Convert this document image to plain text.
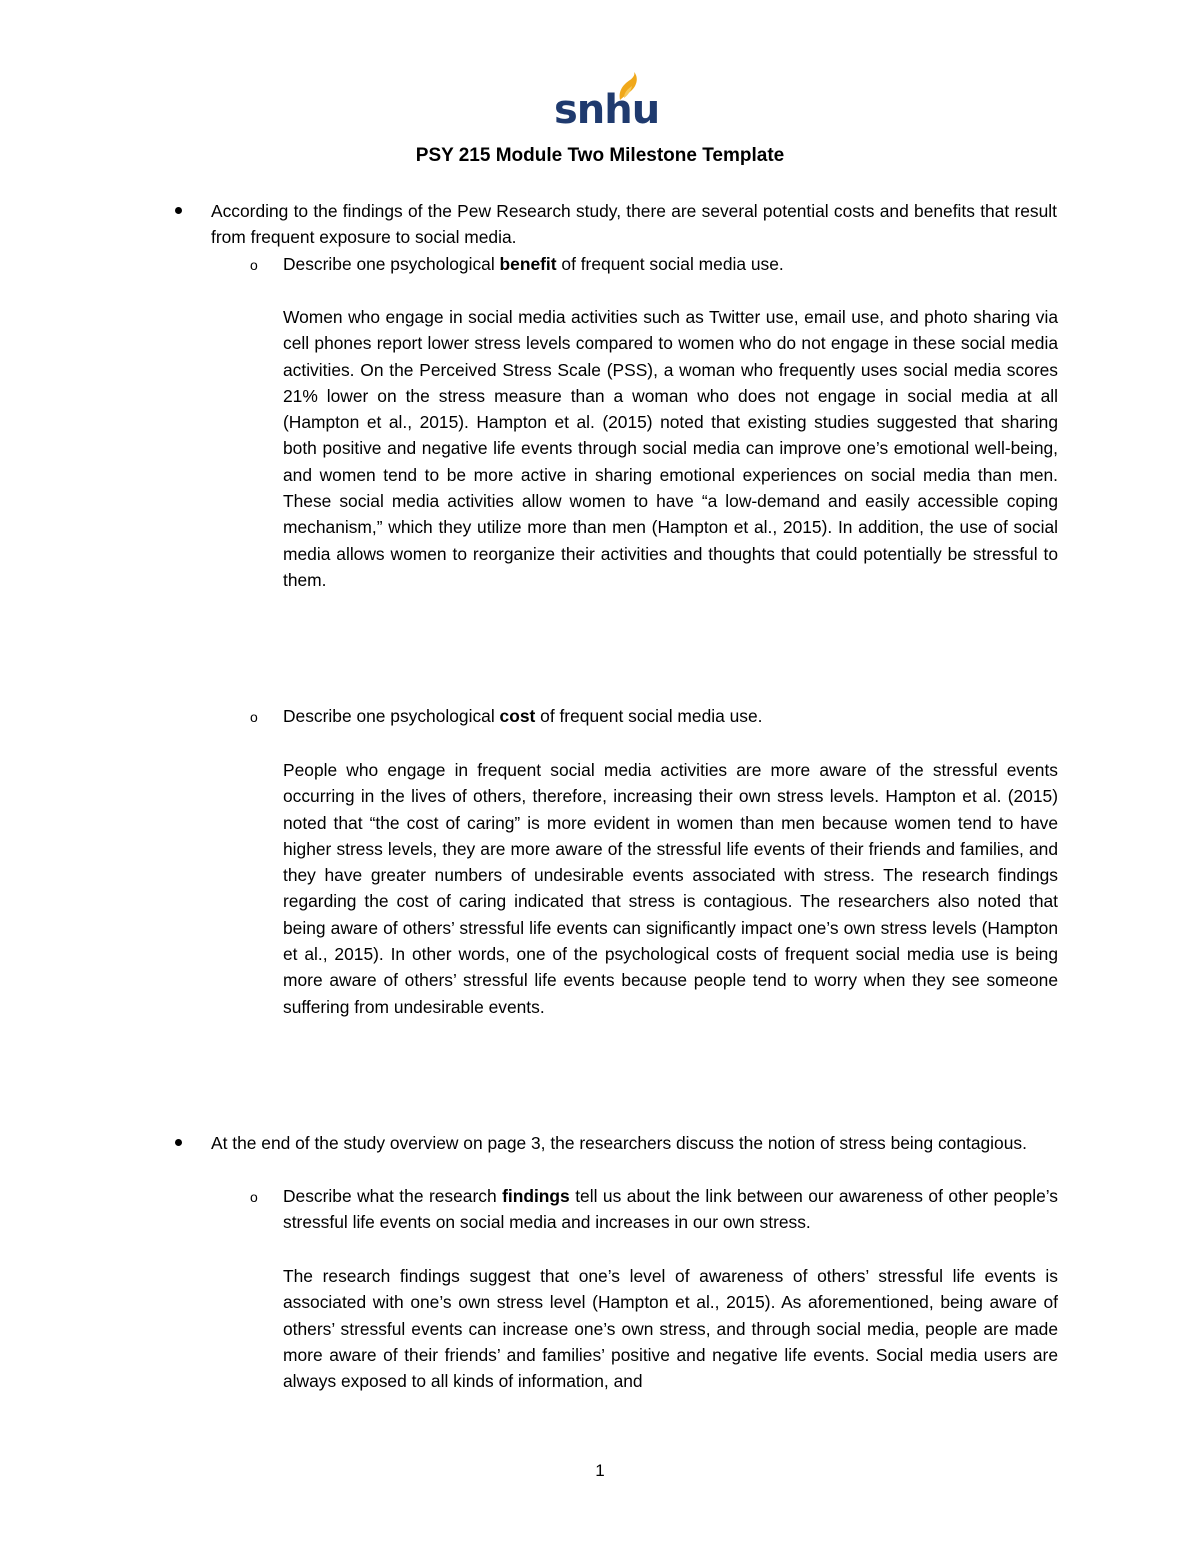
snhu
PSY 215 Module Two Milestone Template
According to the findings of the Pew Research study, there are several potential costs and benefits that result from frequent exposure to social media.
o Describe one psychological benefit of frequent social media use.
Women who engage in social media activities such as Twitter use, email use, and photo sharing via cell phones report lower stress levels compared to women who do not engage in these social media activities. On the Perceived Stress Scale (PSS), a woman who frequently uses social media scores 21% lower on the stress measure than a woman who does not engage in social media at all (Hampton et al., 2015). Hampton et al. (2015) noted that existing studies suggested that sharing both positive and negative life events through social media can improve one’s emotional well-being, and women tend to be more active in sharing emotional experiences on social media than men. These social media activities allow women to have “a low-demand and easily accessible coping mechanism,” which they utilize more than men (Hampton et al., 2015). In addition, the use of social media allows women to reorganize their activities and thoughts that could potentially be stressful to them.
o Describe one psychological cost of frequent social media use.
People who engage in frequent social media activities are more aware of the stressful events occurring in the lives of others, therefore, increasing their own stress levels. Hampton et al. (2015) noted that “the cost of caring” is more evident in women than men because women tend to have higher stress levels, they are more aware of the stressful life events of their friends and families, and they have greater numbers of undesirable events associated with stress. The research findings regarding the cost of caring indicated that stress is contagious. The researchers also noted that being aware of others’ stressful life events can significantly impact one’s own stress levels (Hampton et al., 2015). In other words, one of the psychological costs of frequent social media use is being more aware of others’ stressful life events because people tend to worry when they see someone suffering from undesirable events.
At the end of the study overview on page 3, the researchers discuss the notion of stress being contagious.
o Describe what the research findings tell us about the link between our awareness of other people’s stressful life events on social media and increases in our own stress.
The research findings suggest that one’s level of awareness of others’ stressful life events is associated with one’s own stress level (Hampton et al., 2015). As aforementioned, being aware of others’ stressful events can increase one’s own stress, and through social media, people are made more aware of their friends’ and families’ positive and negative life events. Social media users are always exposed to all kinds of information, and
1
